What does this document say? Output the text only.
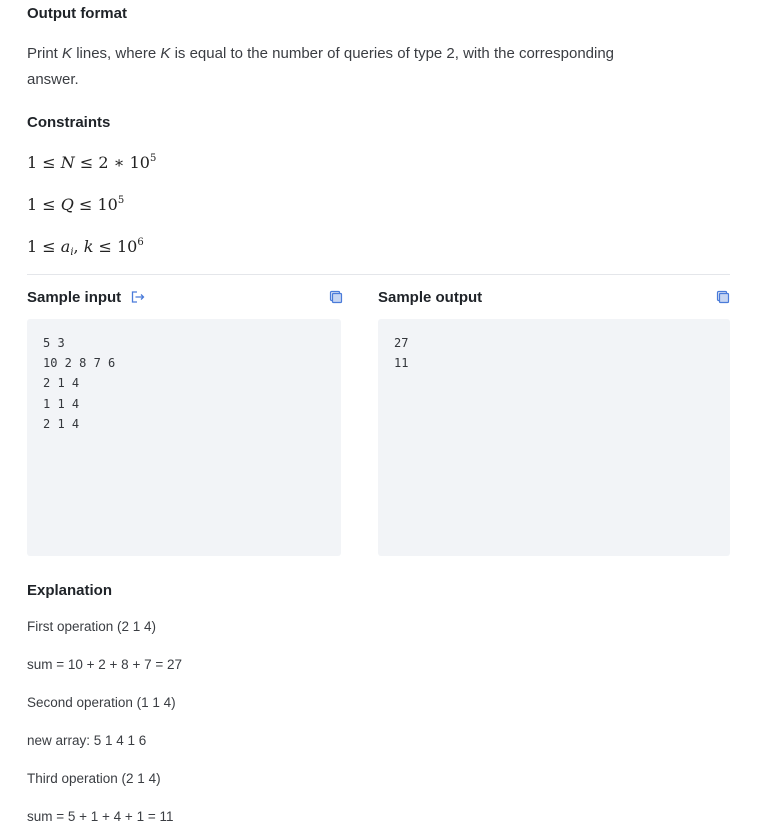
Output format
Print K lines, where K is equal to the number of queries of type 2, with the corresponding
answer.
Constraints
1 ≤ N ≤ 2 ∗ $10^5$
$1 \le Q \le 10^5$
$1 \le a_i$, $k \le 10^6$
Sample input
5 3
10 2 8 7 6
2 1 4
1 1 4
2 1 4
Sample output
27
11
Explanation
First operation (2 1 4)
sum = 10 + 2 + 8 + 7 = 27
Second operation (1 1 4)
new array: 5 1 4 1 6
Third operation (2 1 4)
sum = 5 + 1 + 4 + 1 = 11
